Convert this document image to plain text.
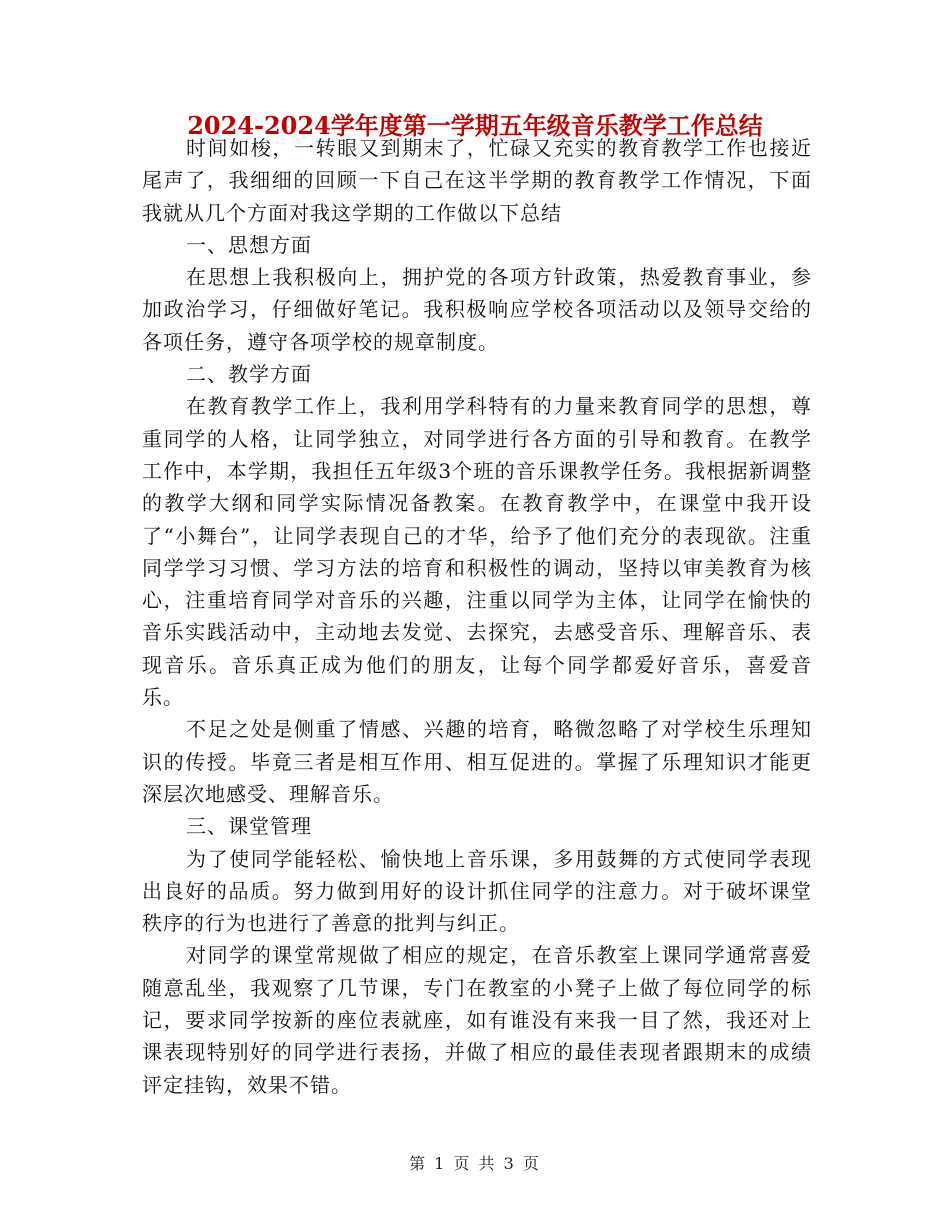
2024-2024学年度第一学期五年级音乐教学工作总结

时间如梭，一转眼又到期末了，忙碌又充实的教育教学工作也接近尾声了，我细细的回顾一下自己在这半学期的教育教学工作情况，下面我就从几个方面对我这学期的工作做以下总结

一、思想方面

在思想上我积极向上，拥护党的各项方针政策，热爱教育事业，参加政治学习，仔细做好笔记。我积极响应学校各项活动以及领导交给的各项任务，遵守各项学校的规章制度。

二、教学方面

在教育教学工作上，我利用学科特有的力量来教育同学的思想，尊重同学的人格，让同学独立，对同学进行各方面的引导和教育。在教学工作中，本学期，我担任五年级3个班的音乐课教学任务。我根据新调整的教学大纲和同学实际情况备教案。在教育教学中，在课堂中我开设了“小舞台”，让同学表现自己的才华，给予了他们充分的表现欲。注重同学学习习惯、学习方法的培育和积极性的调动，坚持以审美教育为核心，注重培育同学对音乐的兴趣，注重以同学为主体，让同学在愉快的音乐实践活动中，主动地去发觉、去探究，去感受音乐、理解音乐、表现音乐。音乐真正成为他们的朋友，让每个同学都爱好音乐，喜爱音乐。

不足之处是侧重了情感、兴趣的培育，略微忽略了对学校生乐理知识的传授。毕竟三者是相互作用、相互促进的。掌握了乐理知识才能更深层次地感受、理解音乐。

三、课堂管理

为了使同学能轻松、愉快地上音乐课，多用鼓舞的方式使同学表现出良好的品质。努力做到用好的设计抓住同学的注意力。对于破坏课堂秩序的行为也进行了善意的批判与纠正。

对同学的课堂常规做了相应的规定，在音乐教室上课同学通常喜爱随意乱坐，我观察了几节课，专门在教室的小凳子上做了每位同学的标记，要求同学按新的座位表就座，如有谁没有来我一目了然，我还对上课表现特别好的同学进行表扬，并做了相应的最佳表现者跟期末的成绩评定挂钩，效果不错。

第 1 页 共 3 页
